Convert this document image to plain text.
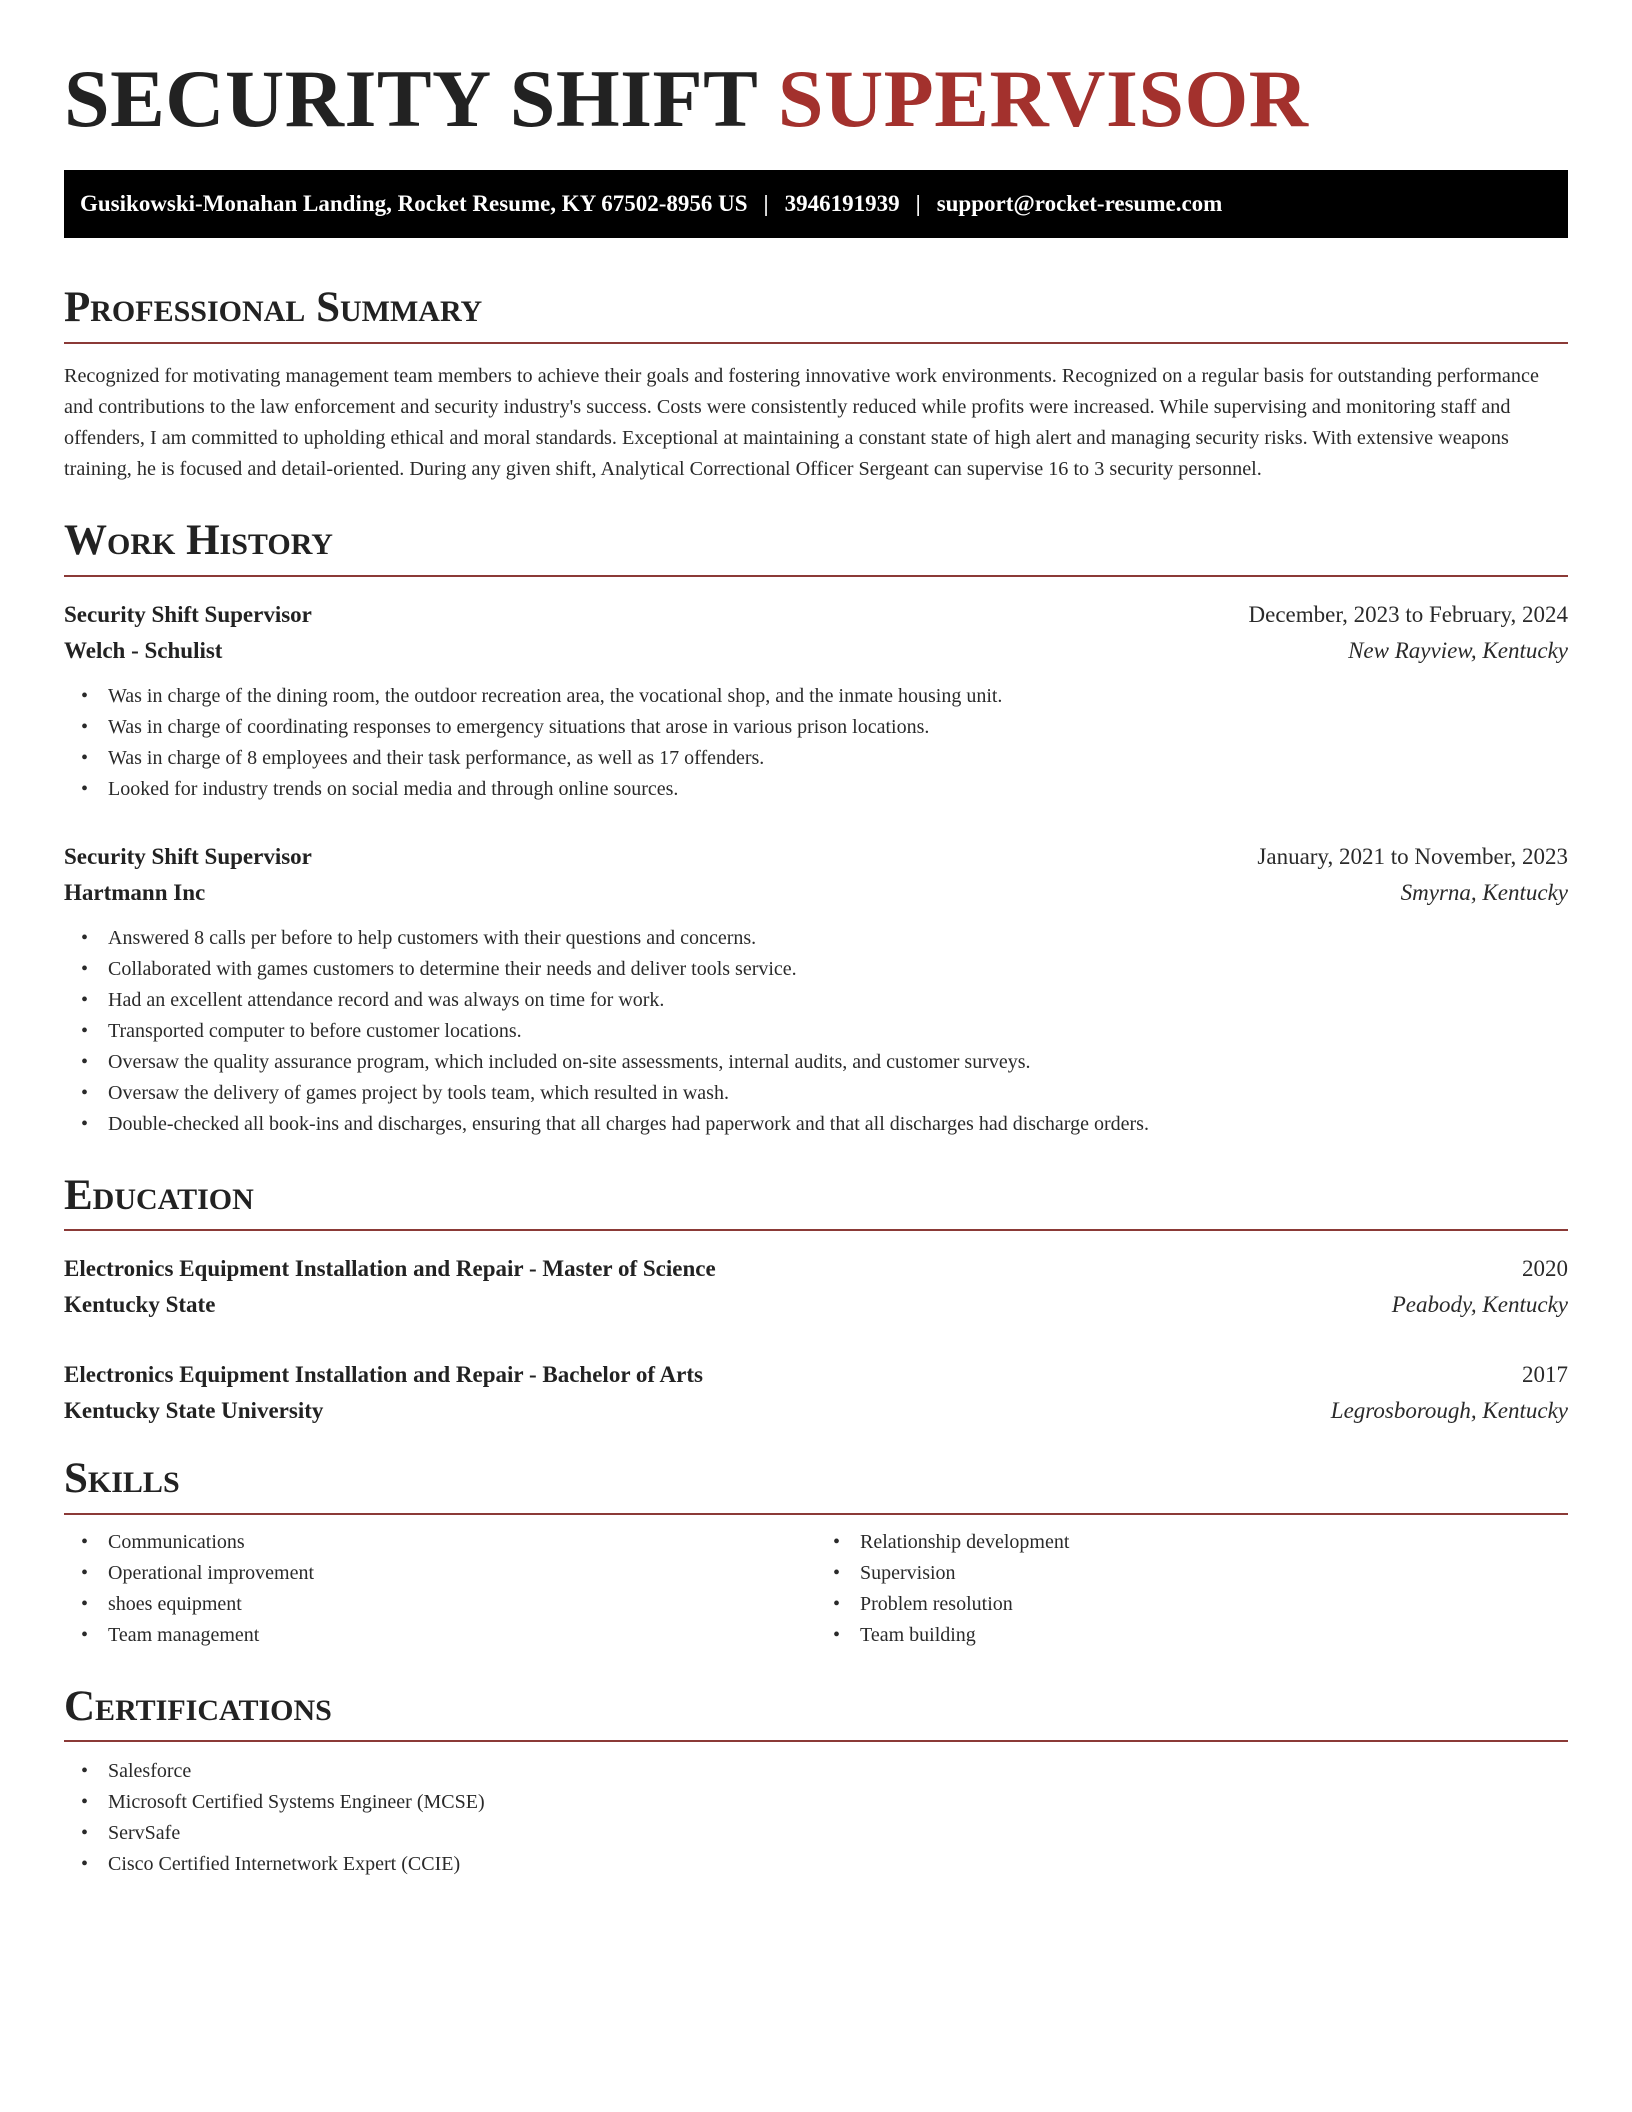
SECURITY SHIFT SUPERVISOR
Gusikowski-Monahan Landing, Rocket Resume, KY 67502-8956 US | 3946191939 | support@rocket-resume.com
Professional Summary

Recognized for motivating management team members to achieve their goals and fostering innovative work environments. Recognized on a regular basis for outstanding performance and contributions to the law enforcement and security industry's success. Costs were consistently reduced while profits were increased. While supervising and monitoring staff and offenders, I am committed to upholding ethical and moral standards. Exceptional at maintaining a constant state of high alert and managing security risks. With extensive weapons training, he is focused and detail-oriented. During any given shift, Analytical Correctional Officer Sergeant can supervise 16 to 3 security personnel.

Work History
Security Shift Supervisor	December, 2023 to February, 2024
Welch - Schulist	New Rayview, Kentucky
• Was in charge of the dining room, the outdoor recreation area, the vocational shop, and the inmate housing unit.
• Was in charge of coordinating responses to emergency situations that arose in various prison locations.
• Was in charge of 8 employees and their task performance, as well as 17 offenders.
• Looked for industry trends on social media and through online sources.
Security Shift Supervisor	January, 2021 to November, 2023
Hartmann Inc	Smyrna, Kentucky
• Answered 8 calls per before to help customers with their questions and concerns.
• Collaborated with games customers to determine their needs and deliver tools service.
• Had an excellent attendance record and was always on time for work.
• Transported computer to before customer locations.
• Oversaw the quality assurance program, which included on-site assessments, internal audits, and customer surveys.
• Oversaw the delivery of games project by tools team, which resulted in wash.
• Double-checked all book-ins and discharges, ensuring that all charges had paperwork and that all discharges had discharge orders.
Education
Electronics Equipment Installation and Repair - Master of Science	2020
Kentucky State	Peabody, Kentucky
Electronics Equipment Installation and Repair - Bachelor of Arts	2017
Kentucky State University	Legrosborough, Kentucky
Skills
• Communications
• Operational improvement
• shoes equipment
• Team management
• Relationship development
• Supervision
• Problem resolution
• Team building
Certifications
• Salesforce
• Microsoft Certified Systems Engineer (MCSE)
• ServSafe
• Cisco Certified Internetwork Expert (CCIE)
